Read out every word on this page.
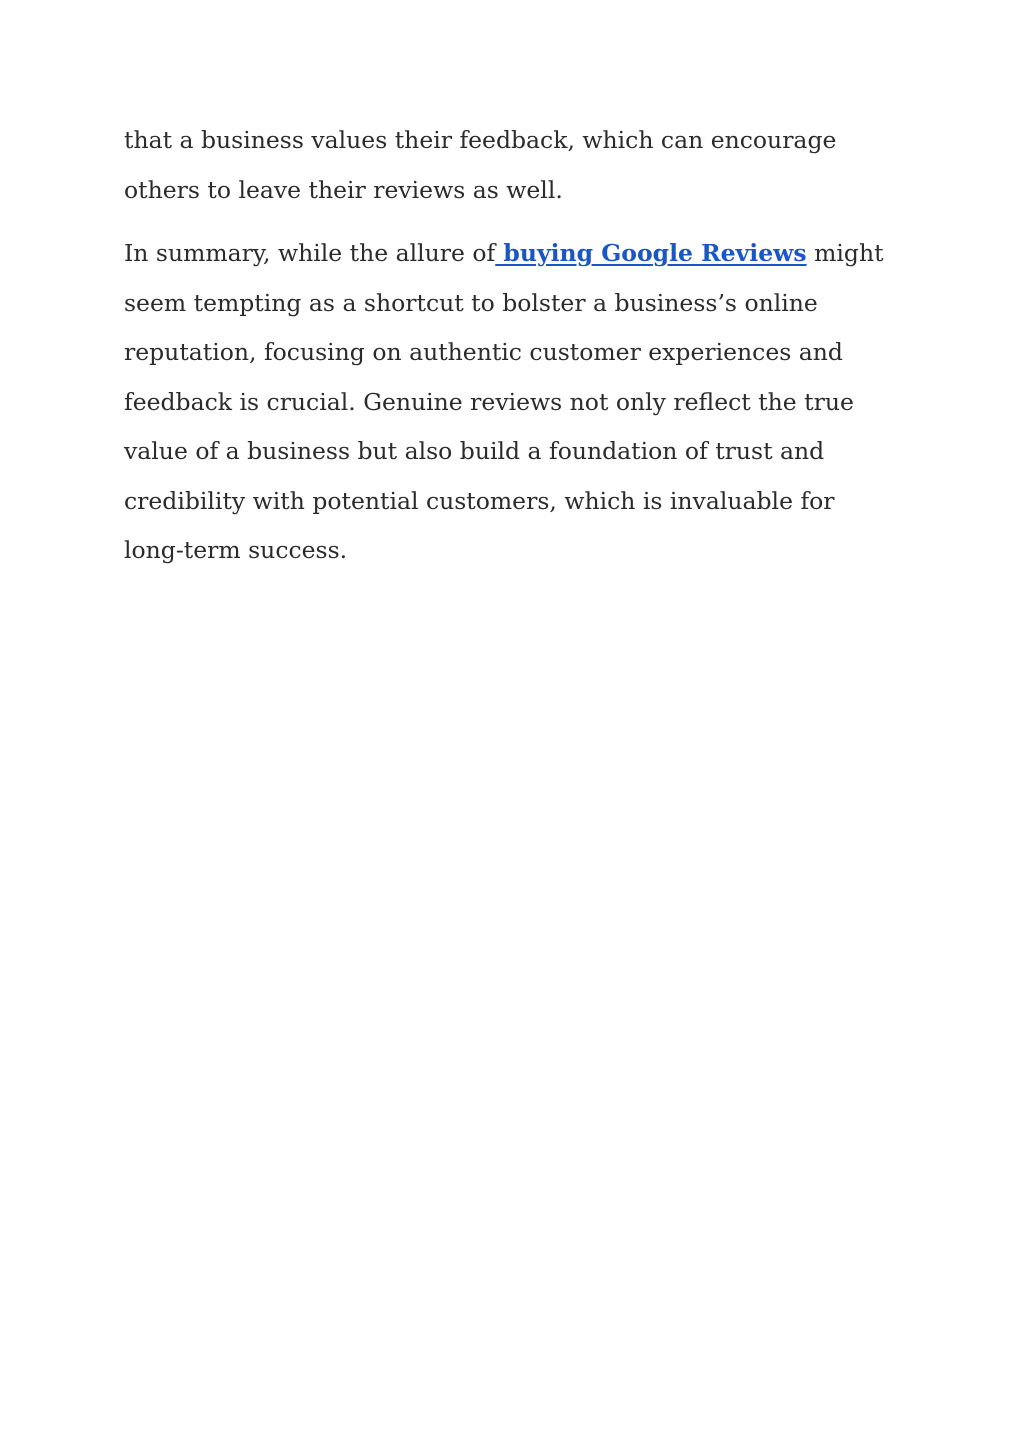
that a business values their feedback, which can encourage
others to leave their reviews as well.

In summary, while the allure of buying Google Reviews might
seem tempting as a shortcut to bolster a business’s online
reputation, focusing on authentic customer experiences and
feedback is crucial. Genuine reviews not only reflect the true
value of a business but also build a foundation of trust and
credibility with potential customers, which is invaluable for
long-term success.
